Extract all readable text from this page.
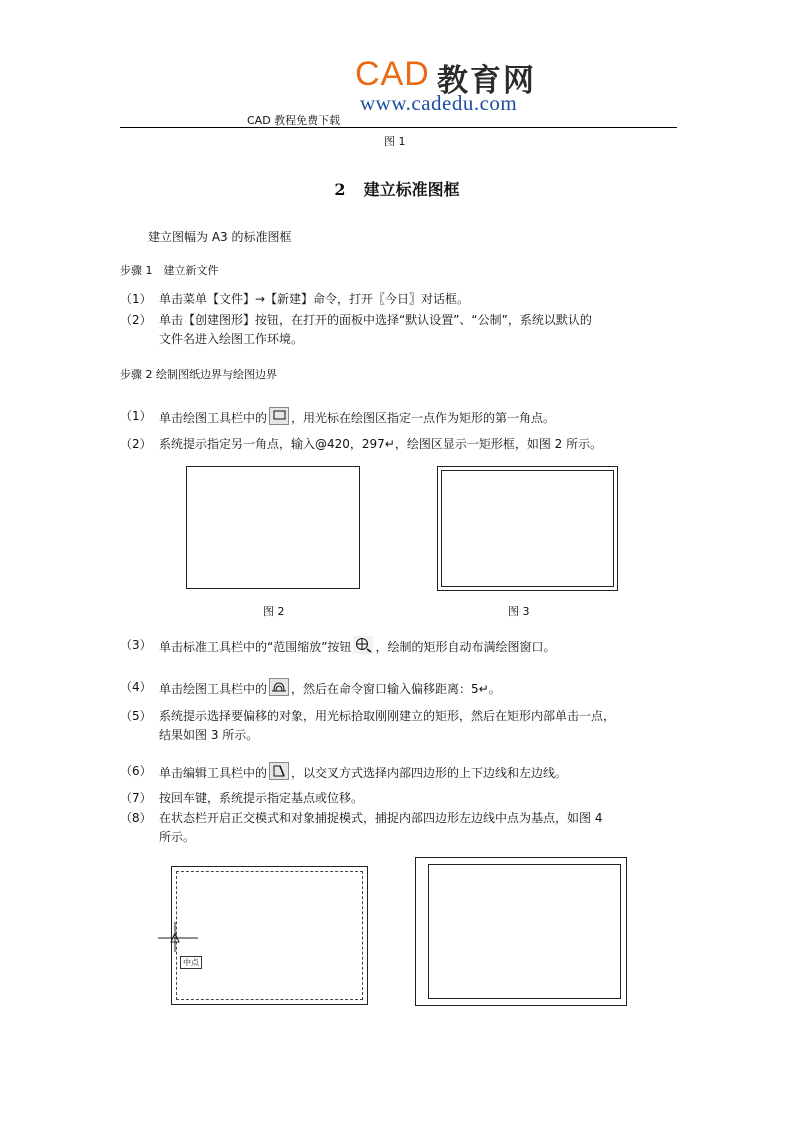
CAD 教育网
www.cadedu.com
CAD 教程免费下载
图 1
2 建立标准图框
建立图幅为 A3 的标准图框
步骤 1　建立新文件
（1） 单击菜单【文件】→【新建】命令，打开〖今日〗对话框。
（2） 单击【创建图形】按钮，在打开的面板中选择“默认设置”、“公制”，系统以默认的
文件名进入绘图工作环境。
步骤 2 绘制图纸边界与绘图边界
（1） 单击绘图工具栏中的 ，用光标在绘图区指定一点作为矩形的第一角点。
（2） 系统提示指定另一角点，输入@420，297↵，绘图区显示一矩形框，如图 2 所示。
图 2	图 3
（3） 单击标准工具栏中的“范围缩放”按钮 ，绘制的矩形自动布满绘图窗口。
（4） 单击绘图工具栏中的 ，然后在命令窗口输入偏移距离：5↵。
（5） 系统提示选择要偏移的对象，用光标拾取刚刚建立的矩形，然后在矩形内部单击一点，
结果如图 3 所示。
（6） 单击编辑工具栏中的 ，以交叉方式选择内部四边形的上下边线和左边线。
（7） 按回车键，系统提示指定基点或位移。
（8） 在状态栏开启正交模式和对象捕捉模式，捕捉内部四边形左边线中点为基点，如图 4
所示。
中点
